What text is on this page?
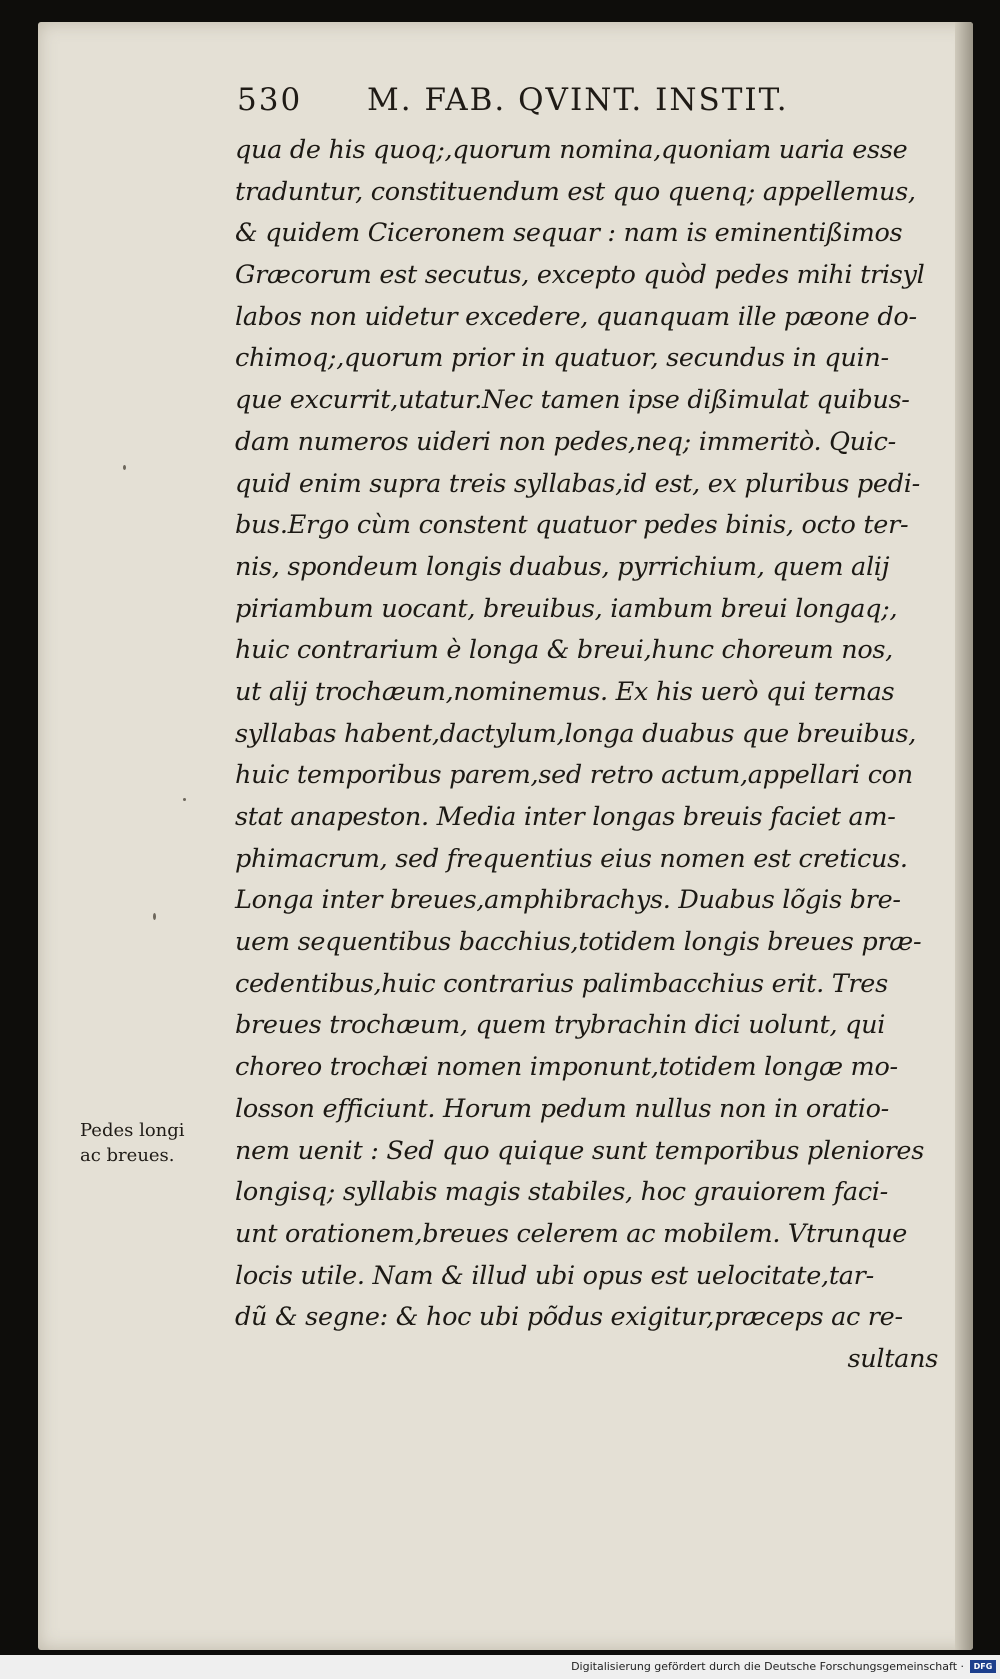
530 M. FAB. QVINT. INSTIT.
qua de his quoq;,quorum nomina,quoniam uaria esse
traduntur, constituendum est quo quenq; appellemus,
& quidem Ciceronem sequar : nam is eminentißimos
Græcorum est secutus, excepto quòd pedes mihi trisyl
labos non uidetur excedere, quanquam ille pæone do-
chimoq;,quorum prior in quatuor, secundus in quin-
que excurrit,utatur.Nec tamen ipse dißimulat quibus-
dam numeros uideri non pedes,neq; immeritò. Quic-
quid enim supra treis syllabas,id est, ex pluribus pedi-
bus.Ergo cùm constent quatuor pedes binis, octo ter-
nis, spondeum longis duabus, pyrrichium, quem alij
piriambum uocant, breuibus, iambum breui longaq;,
huic contrarium è longa & breui,hunc choreum nos,
ut alij trochæum,nominemus. Ex his uerò qui ternas
syllabas habent,dactylum,longa duabus que breuibus,
huic temporibus parem,sed retro actum,appellari con
stat anapeston. Media inter longas breuis faciet am-
phimacrum, sed frequentius eius nomen est creticus.
Longa inter breues,amphibrachys. Duabus lõgis bre-
uem sequentibus bacchius,totidem longis breues præ-
cedentibus,huic contrarius palimbacchius erit. Tres
breues trochæum, quem trybrachin dici uolunt, qui
choreo trochæi nomen imponunt,totidem longæ mo-
losson efficiunt. Horum pedum nullus non in oratio-
nem uenit : Sed quo quique sunt temporibus pleniores
longisq; syllabis magis stabiles, hoc grauiorem faci-
unt orationem,breues celerem ac mobilem. Vtrunque
locis utile. Nam & illud ubi opus est uelocitate,tar-
dũ & segne: & hoc ubi põdus exigitur,præceps ac re-
sultans
Pedes longi
ac breues.
Digitalisierung gefördert durch die Deutsche Forschungsgemeinschaft ·	DFG
